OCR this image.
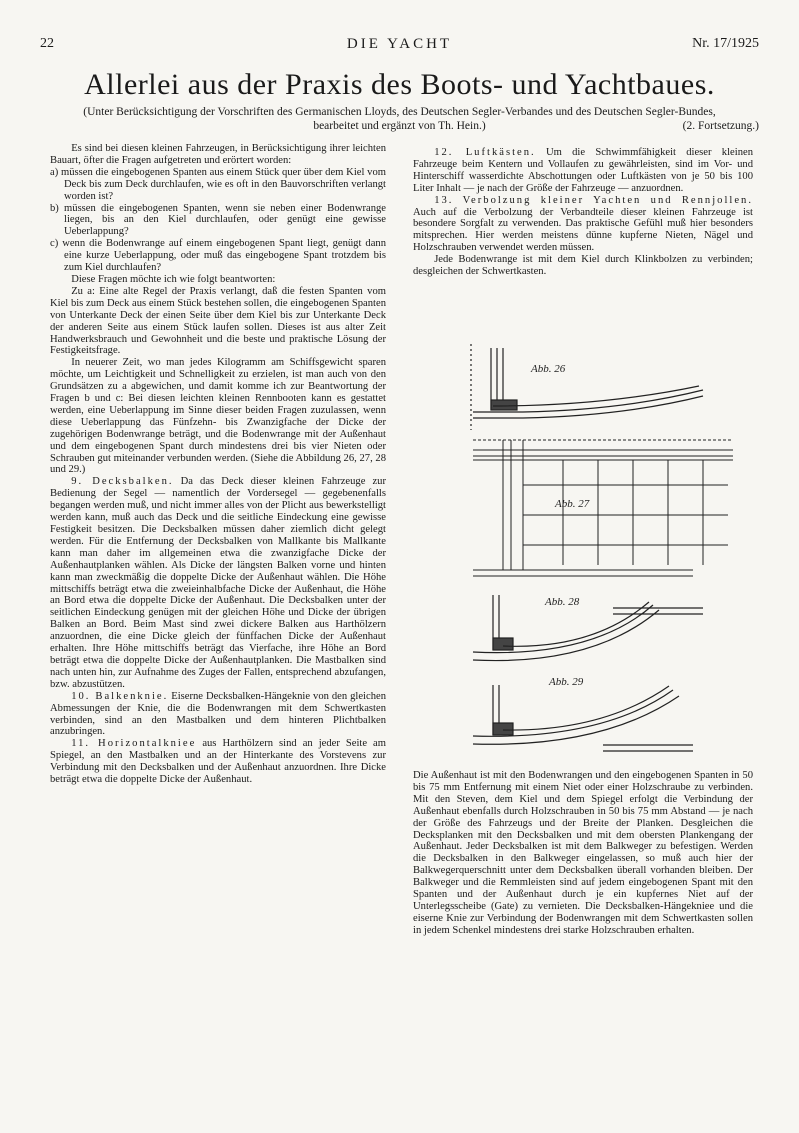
22	DIE YACHT	Nr. 17/1925
Allerlei aus der Praxis des Boots- und Yachtbaues.
(Unter Berücksichtigung der Vorschriften des Germanischen Lloyds, des Deutschen Segler-Verbandes und des Deutschen Segler-Bundes,
bearbeitet und ergänzt von Th. Hein.)	(2. Fortsetzung.)

Es sind bei diesen kleinen Fahrzeugen, in Berücksichtigung ihrer leichten Bauart, öfter die Fragen aufgetreten und erörtert worden:

a) müssen die eingebogenen Spanten aus einem Stück quer über dem Kiel vom Deck bis zum Deck durchlaufen, wie es oft in den Bauvorschriften verlangt worden ist?

b) müssen die eingebogenen Spanten, wenn sie neben einer Bodenwrange liegen, bis an den Kiel durchlaufen, oder genügt eine gewisse Ueberlappung?

c) wenn die Bodenwrange auf einem eingebogenen Spant liegt, genügt dann eine kurze Ueberlappung, oder muß das eingebogene Spant trotzdem bis zum Kiel durchlaufen?

Diese Fragen möchte ich wie folgt beantworten:

Zu a: Eine alte Regel der Praxis verlangt, daß die festen Spanten vom Kiel bis zum Deck aus einem Stück bestehen sollen, die eingebogenen Spanten von Unterkante Deck der einen Seite über dem Kiel bis zur Unterkante Deck der anderen Seite aus einem Stück laufen sollen. Dieses ist aus alter Zeit Handwerksbrauch und Gewohnheit und die beste und praktische Lösung der Festigkeitsfrage.

In neuerer Zeit, wo man jedes Kilogramm am Schiffsgewicht sparen möchte, um Leichtigkeit und Schnelligkeit zu erzielen, ist man auch von den Grundsätzen zu a abgewichen, und damit komme ich zur Beantwortung der Fragen b und c: Bei diesen leichten kleinen Rennbooten kann es gestattet werden, eine Ueberlappung im Sinne dieser beiden Fragen zuzulassen, wenn diese Ueberlappung das Fünfzehn- bis Zwanzigfache der Dicke der zugehörigen Bodenwrange beträgt, und die Bodenwrange mit der Außenhaut und dem eingebogenen Spant durch mindestens drei bis vier Nieten oder Schrauben gut miteinander verbunden werden. (Siehe die Abbildung 26, 27, 28 und 29.)

9. Decksbalken. Da das Deck dieser kleinen Fahrzeuge zur Bedienung der Segel — namentlich der Vordersegel — gegebenenfalls begangen werden muß, und nicht immer alles von der Plicht aus bewerkstelligt werden kann, muß auch das Deck und die seitliche Eindeckung eine gewisse Festigkeit besitzen. Die Decksbalken müssen daher ziemlich dicht gelegt werden. Für die Entfernung der Decksbalken von Mallkante bis Mallkante kann man daher im allgemeinen etwa die zwanzigfache Dicke der Außenhautplanken wählen. Als Dicke der längsten Balken vorne und hinten kann man zweckmäßig die doppelte Dicke der Außenhaut wählen. Die Höhe mittschiffs beträgt etwa die zweieinhalbfache Dicke der Außenhaut, die Höhe an Bord etwa die doppelte Dicke der Außenhaut. Die Decksbalken unter der seitlichen Eindeckung genügen mit der gleichen Höhe und Dicke der übrigen Balken an Bord. Beim Mast sind zwei dickere Balken aus Harthölzern anzuordnen, die eine Dicke gleich der fünffachen Dicke der Außenhaut erhalten. Ihre Höhe mittschiffs beträgt das Vierfache, ihre Höhe an Bord beträgt etwa die doppelte Dicke der Außenhautplanken. Die Mastbalken sind nach unten hin, zur Aufnahme des Zuges der Fallen, entsprechend abzufangen, bzw. abzustützen.

10. Balkenknie. Eiserne Decksbalken-Hängeknie von den gleichen Abmessungen der Knie, die die Bodenwrangen mit dem Schwertkasten verbinden, sind an den Mastbalken und dem hinteren Plichtbalken anzubringen.

11. Horizontalkniee aus Harthölzern sind an jeder Seite am Spiegel, an den Mastbalken und an der Hinterkante des Vorstevens zur Verbindung mit den Decksbalken und der Außenhaut anzuordnen. Ihre Dicke beträgt etwa die doppelte Dicke der Außenhaut.

12. Luftkästen. Um die Schwimmfähigkeit dieser kleinen Fahrzeuge beim Kentern und Vollaufen zu gewährleisten, sind im Vor- und Hinterschiff wasserdichte Abschottungen oder Luftkästen von je 50 bis 100 Liter Inhalt — je nach der Größe der Fahrzeuge — anzuordnen.

13. Verbolzung kleiner Yachten und Rennjollen. Auch auf die Verbolzung der Verbandteile dieser kleinen Fahrzeuge ist besondere Sorgfalt zu verwenden. Das praktische Gefühl muß hier besonders mitsprechen. Hier werden meistens dünne kupferne Nieten, Nägel und Holzschrauben verwendet werden müssen.

Jede Bodenwrange ist mit dem Kiel durch Klinkbolzen zu verbinden; desgleichen der Schwertkasten.

Abb. 26
Abb. 27
Abb. 28
Abb. 29

Die Außenhaut ist mit den Bodenwrangen und den eingebogenen Spanten in 50 bis 75 mm Entfernung mit einem Niet oder einer Holzschraube zu verbinden. Mit den Steven, dem Kiel und dem Spiegel erfolgt die Verbindung der Außenhaut ebenfalls durch Holzschrauben in 50 bis 75 mm Abstand — je nach der Größe des Fahrzeugs und der Breite der Planken. Desgleichen die Decksplanken mit den Decksbalken und mit dem obersten Plankengang der Außenhaut. Jeder Decksbalken ist mit dem Balkweger zu befestigen. Werden die Decksbalken in den Balkweger eingelassen, so muß auch hier der Balkwegerquerschnitt unter dem Decksbalken überall vorhanden bleiben. Der Balkweger und die Remmleisten sind auf jedem eingebogenen Spant mit den Spanten und der Außenhaut durch je ein kupfernes Niet auf der Unterlegsscheibe (Gate) zu vernieten. Die Decksbalken-Hängekniee und die eiserne Knie zur Verbindung der Bodenwrangen mit dem Schwertkasten sollen in jedem Schenkel mindestens drei starke Holzschrauben erhalten.
